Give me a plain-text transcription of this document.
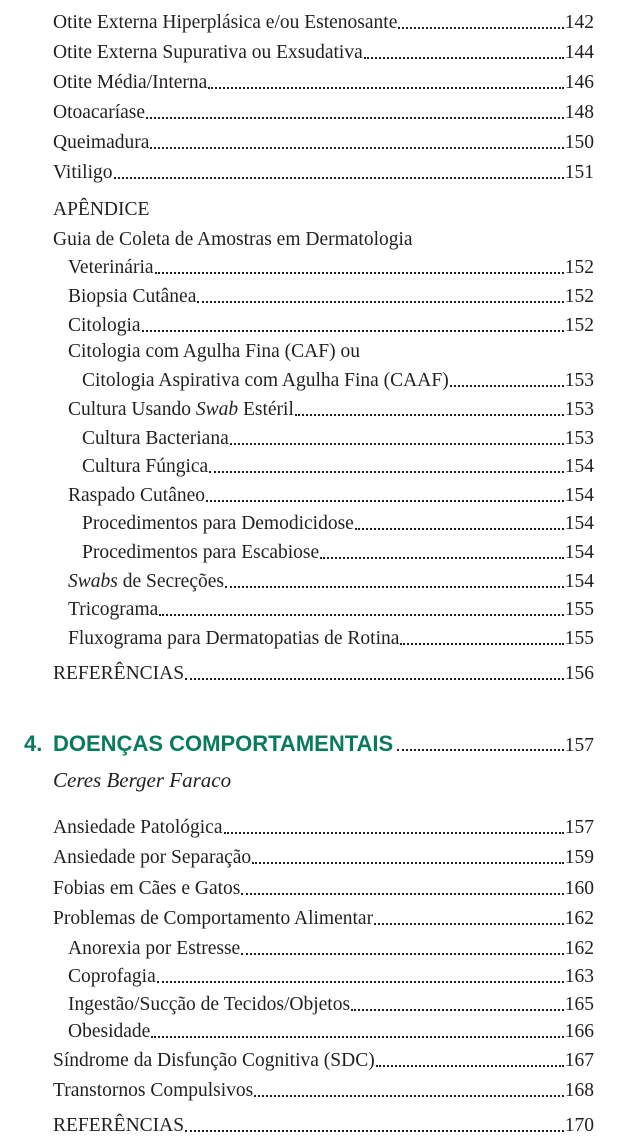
Otite Externa Hiperplásica e/ou Estenosante	142
Otite Externa Supurativa ou Exsudativa	144
Otite Média/Interna	146
Otoacaríase	148
Queimadura	150
Vitiligo	151
APÊNDICE
Guia de Coleta de Amostras em Dermatologia
Veterinária	152
Biopsia Cutânea	152
Citologia	152
Citologia com Agulha Fina (CAF) ou
Citologia Aspirativa com Agulha Fina (CAAF)	153
Cultura Usando Swab Estéril	153
Cultura Bacteriana	153
Cultura Fúngica	154
Raspado Cutâneo	154
Procedimentos para Demodicidose	154
Procedimentos para Escabiose	154
Swabs de Secreções	154
Tricograma	155
Fluxograma para Dermatopatias de Rotina	155
REFERÊNCIAS	156
4. DOENÇAS COMPORTAMENTAIS	157
Ceres Berger Faraco
Ansiedade Patológica	157
Ansiedade por Separação	159
Fobias em Cães e Gatos	160
Problemas de Comportamento Alimentar	162
Anorexia por Estresse	162
Coprofagia	163
Ingestão/Sucção de Tecidos/Objetos	165
Obesidade	166
Síndrome da Disfunção Cognitiva (SDC)	167
Transtornos Compulsivos	168
REFERÊNCIAS	170
